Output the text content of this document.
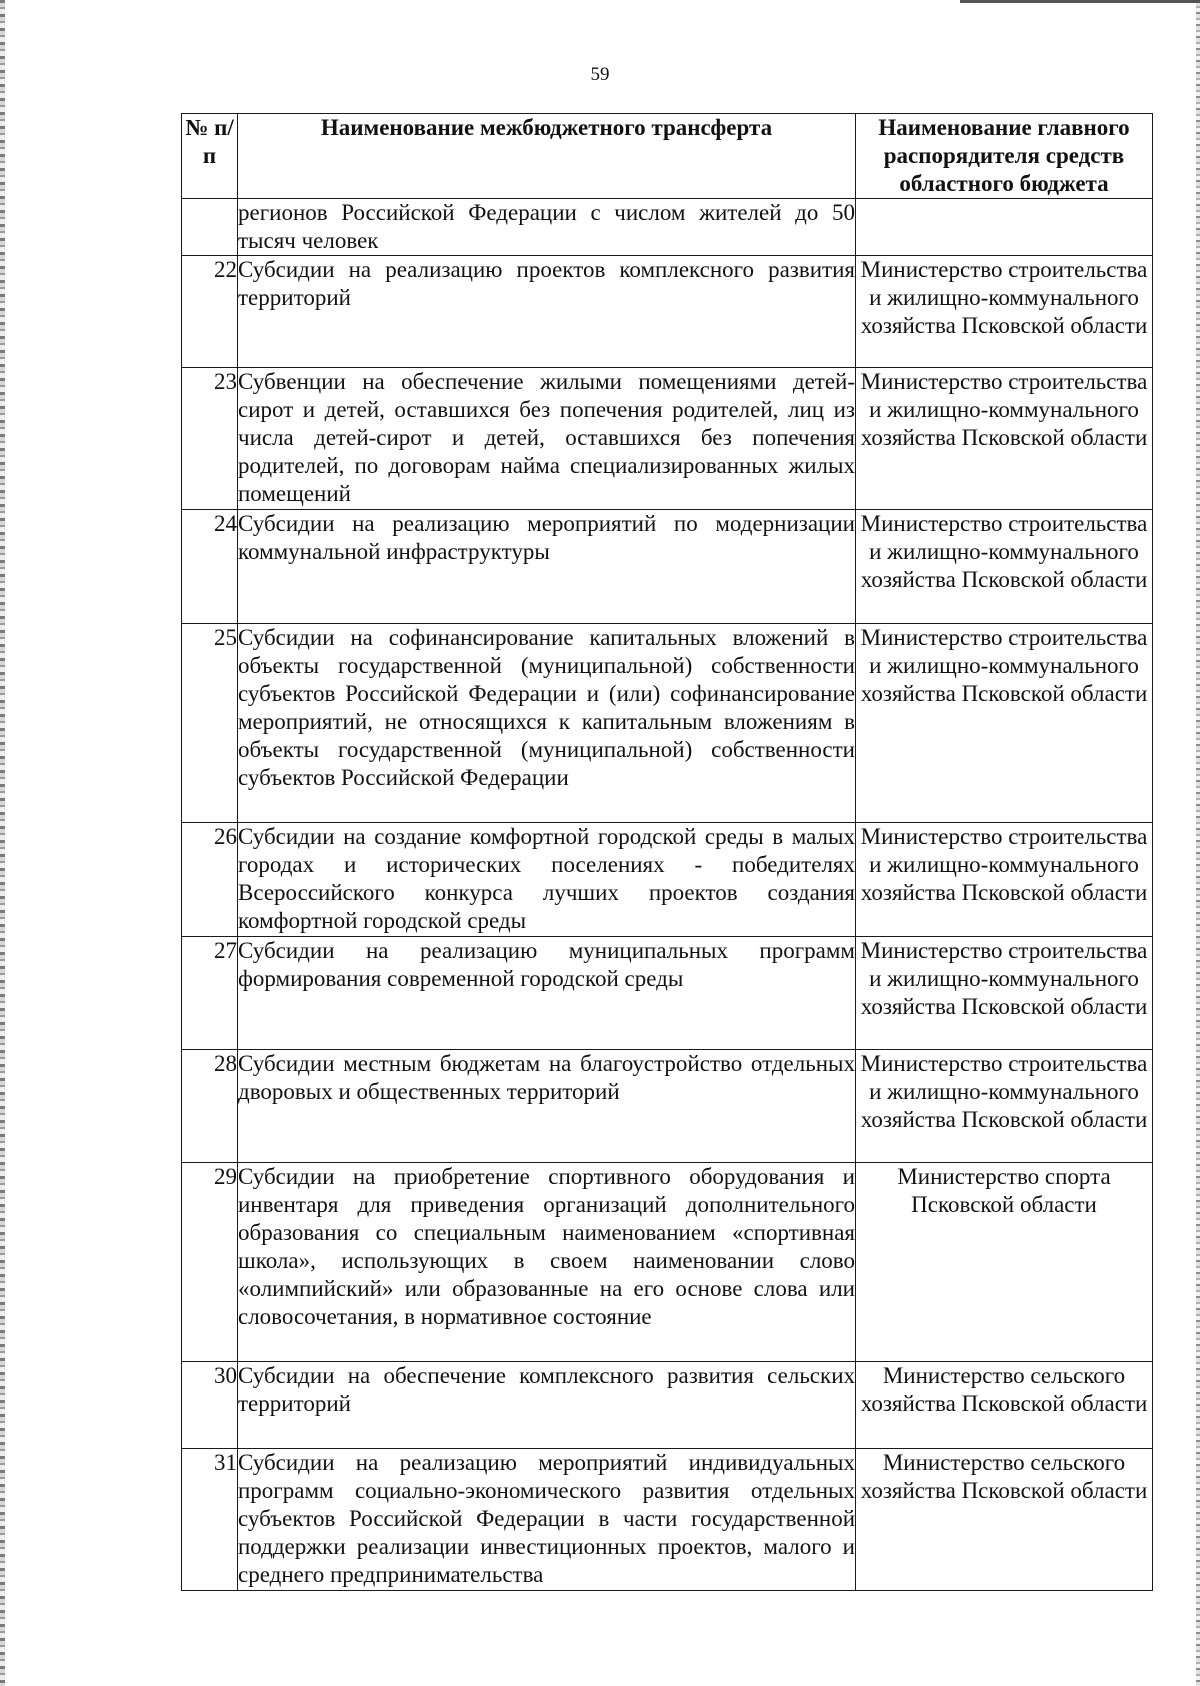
59
№ п/п	Наименование межбюджетного трансферта	Наименование главного распорядителя средств областного бюджета
	регионов Российской Федерации с числом жителей до 50 тысяч человек	
22	Субсидии на реализацию проектов комплексного развития территорий	Министерство строительства и жилищно-коммунального хозяйства Псковской области
23	Субвенции на обеспечение жилыми помещениями детей-сирот и детей, оставшихся без попечения родителей, лиц из числа детей-сирот и детей, оставшихся без попечения родителей, по договорам найма специализированных жилых помещений	Министерство строительства и жилищно-коммунального хозяйства Псковской области
24	Субсидии на реализацию мероприятий по модернизации коммунальной инфраструктуры	Министерство строительства и жилищно-коммунального хозяйства Псковской области
25	Субсидии на софинансирование капитальных вложений в объекты государственной (муниципальной) собственности субъектов Российской Федерации и (или) софинансирование мероприятий, не относящихся к капитальным вложениям в объекты государственной (муниципальной) собственности субъектов Российской Федерации	Министерство строительства и жилищно-коммунального хозяйства Псковской области
26	Субсидии на создание комфортной городской среды в малых городах и исторических поселениях - победителях Всероссийского конкурса лучших проектов создания комфортной городской среды	Министерство строительства и жилищно-коммунального хозяйства Псковской области
27	Субсидии на реализацию муниципальных программ формирования современной городской среды	Министерство строительства и жилищно-коммунального хозяйства Псковской области
28	Субсидии местным бюджетам на благоустройство отдельных дворовых и общественных территорий	Министерство строительства и жилищно-коммунального хозяйства Псковской области
29	Субсидии на приобретение спортивного оборудования и инвентаря для приведения организаций дополнительного образования со специальным наименованием «спортивная школа», использующих в своем наименовании слово «олимпийский» или образованные на его основе слова или словосочетания, в нормативное состояние	Министерство спорта Псковской области
30	Субсидии на обеспечение комплексного развития сельских территорий	Министерство сельского хозяйства Псковской области
31	Субсидии на реализацию мероприятий индивидуальных программ социально-экономического развития отдельных субъектов Российской Федерации в части государственной поддержки реализации инвестиционных проектов, малого и среднего предпринимательства	Министерство сельского хозяйства Псковской области
